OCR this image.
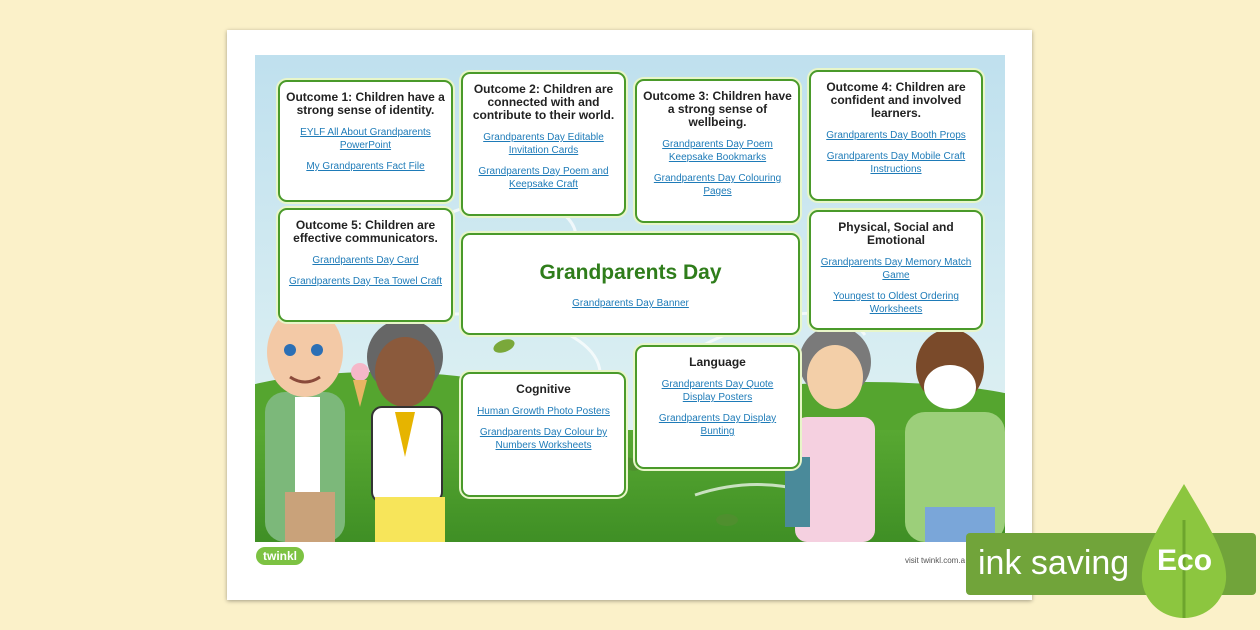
Outcome 1: Children have a strong sense of identity.
EYLF All About Grandparents PowerPoint
My Grandparents Fact File
Outcome 2: Children are connected with and contribute to their world.
Grandparents Day Editable Invitation Cards
Grandparents Day Poem and Keepsake Craft
Outcome 3: Children have a strong sense of wellbeing.
Grandparents Day Poem Keepsake Bookmarks
Grandparents Day Colouring Pages
Outcome 4: Children are confident and involved learners.
Grandparents Day Booth Props
Grandparents Day Mobile Craft Instructions
Outcome 5: Children are effective communicators.
Grandparents Day Card
Grandparents Day Tea Towel Craft	Grandparents Day
Grandparents Day Banner
Physical, Social and Emotional
Grandparents Day Memory Match Game
Youngest to Oldest Ordering Worksheets
Cognitive
Human Growth Photo Posters
Grandparents Day Colour by Numbers Worksheets
Language
Grandparents Day Quote Display Posters
Grandparents Day Display Bunting
twinkl	visit twinkl.com.a ink saving Eco
